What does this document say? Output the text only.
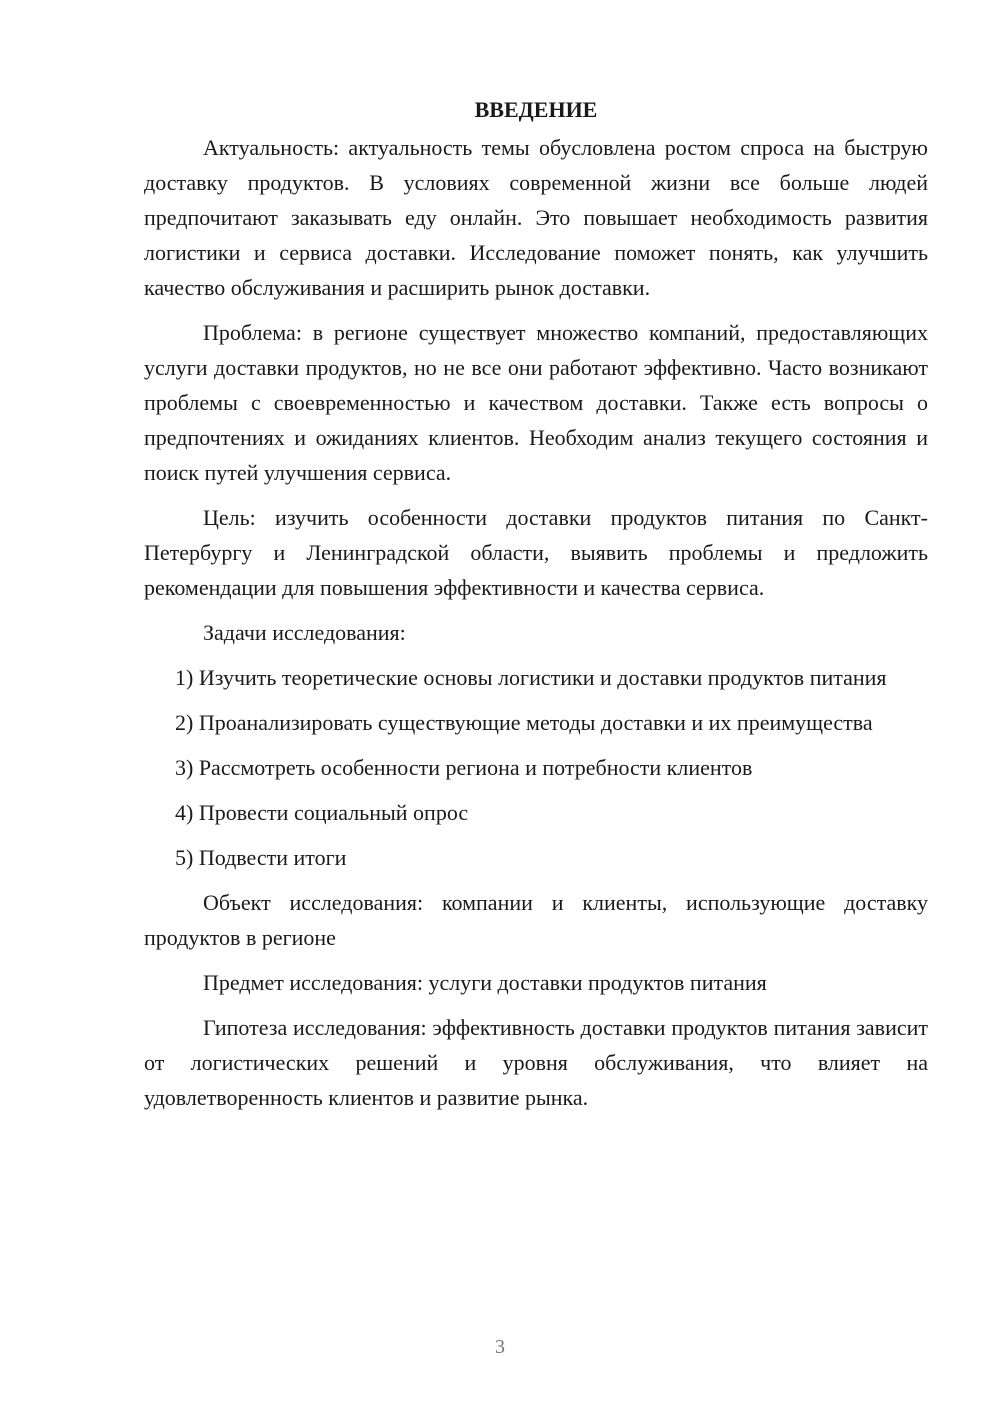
ВВЕДЕНИЕ

Актуальность: актуальность темы обусловлена ростом спроса на быструю доставку продуктов. В условиях современной жизни все больше людей предпочитают заказывать еду онлайн. Это повышает необходимость развития логистики и сервиса доставки. Исследование поможет понять, как улучшить качество обслуживания и расширить рынок доставки.

Проблема: в регионе существует множество компаний, предоставляющих услуги доставки продуктов, но не все они работают эффективно. Часто возникают проблемы с своевременностью и качеством доставки. Также есть вопросы о предпочтениях и ожиданиях клиентов. Необходим анализ текущего состояния и поиск путей улучшения сервиса.

Цель: изучить особенности доставки продуктов питания по Санкт-Петербургу и Ленинградской области, выявить проблемы и предложить рекомендации для повышения эффективности и качества сервиса.

Задачи исследования:

1) Изучить теоретические основы логистики и доставки продуктов питания

2) Проанализировать существующие методы доставки и их преимущества

3) Рассмотреть особенности региона и потребности клиентов

4) Провести социальный опрос

5) Подвести итоги

Объект исследования: компании и клиенты, использующие доставку продуктов в регионе

Предмет исследования: услуги доставки продуктов питания

Гипотеза исследования: эффективность доставки продуктов питания зависит от логистических решений и уровня обслуживания, что влияет на удовлетворенность клиентов и развитие рынка.

3
